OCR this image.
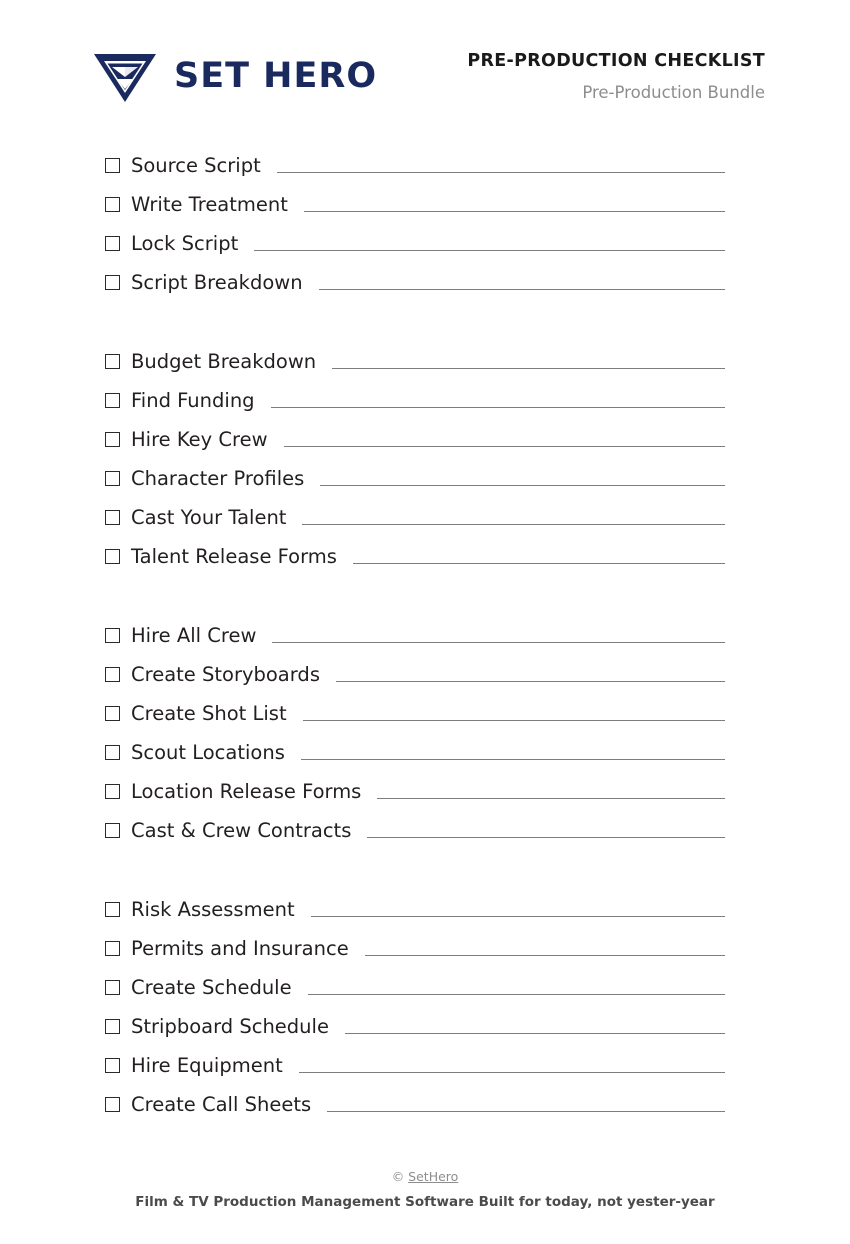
SET HERO	PRE-PRODUCTION CHECKLIST
Pre-Production Bundle
Source Script
Write Treatment
Lock Script
Script Breakdown
Budget Breakdown
Find Funding
Hire Key Crew
Character Profiles
Cast Your Talent
Talent Release Forms
Hire All Crew
Create Storyboards
Create Shot List
Scout Locations
Location Release Forms
Cast & Crew Contracts
Risk Assessment
Permits and Insurance
Create Schedule
Stripboard Schedule
Hire Equipment
Create Call Sheets
© SetHero
Film & TV Production Management Software Built for today, not yester-year
